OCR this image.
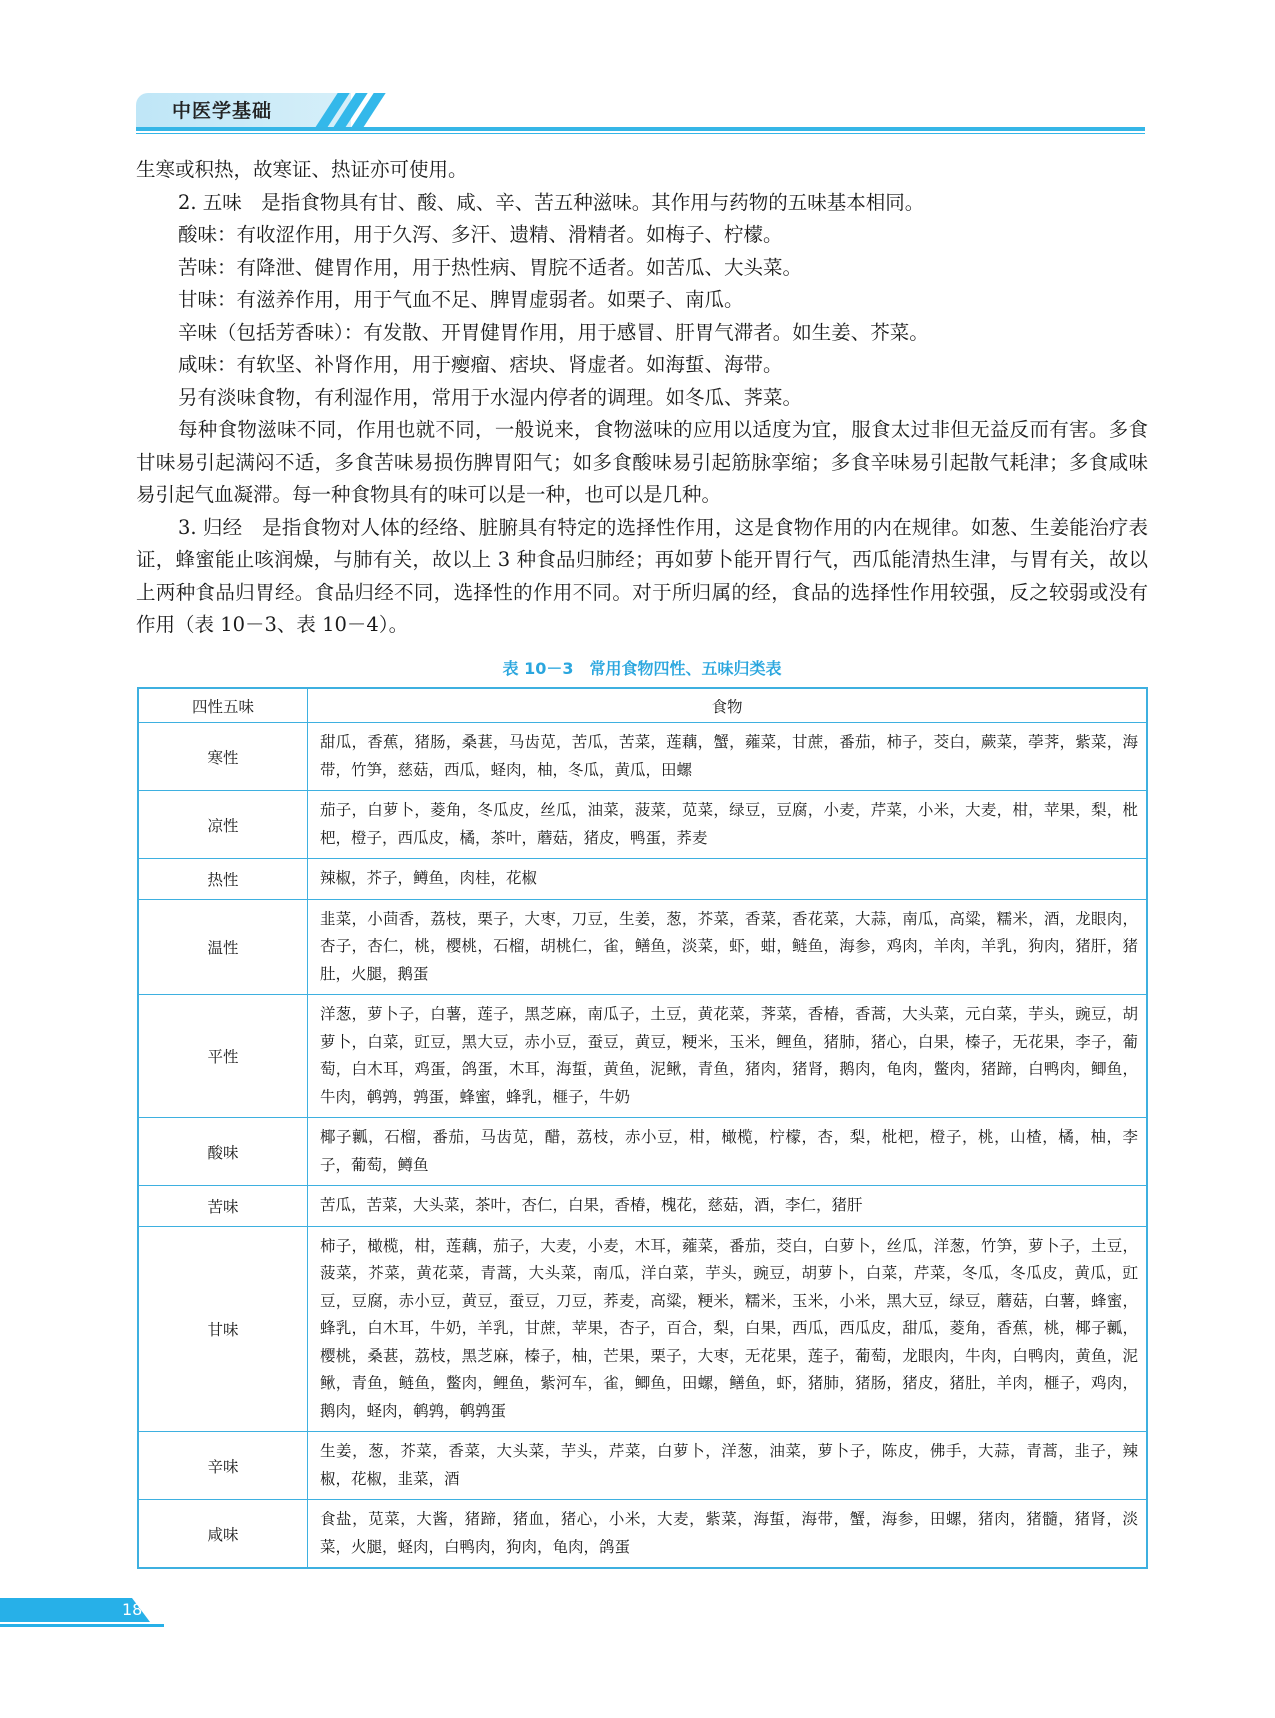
中医学基础

生寒或积热，故寒证、热证亦可使用。

2. 五味　是指食物具有甘、酸、咸、辛、苦五种滋味。其作用与药物的五味基本相同。

酸味：有收涩作用，用于久泻、多汗、遗精、滑精者。如梅子、柠檬。

苦味：有降泄、健胃作用，用于热性病、胃脘不适者。如苦瓜、大头菜。

甘味：有滋养作用，用于气血不足、脾胃虚弱者。如栗子、南瓜。

辛味（包括芳香味）：有发散、开胃健胃作用，用于感冒、肝胃气滞者。如生姜、芥菜。

咸味：有软坚、补肾作用，用于瘿瘤、痞块、肾虚者。如海蜇、海带。

另有淡味食物，有利湿作用，常用于水湿内停者的调理。如冬瓜、荠菜。

每种食物滋味不同，作用也就不同，一般说来，食物滋味的应用以适度为宜，服食太过非但无益反而有害。多食甘味易引起满闷不适，多食苦味易损伤脾胃阳气；如多食酸味易引起筋脉挛缩；多食辛味易引起散气耗津；多食咸味易引起气血凝滞。每一种食物具有的味可以是一种，也可以是几种。

3. 归经　是指食物对人体的经络、脏腑具有特定的选择性作用，这是食物作用的内在规律。如葱、生姜能治疗表证，蜂蜜能止咳润燥，与肺有关，故以上 3 种食品归肺经；再如萝卜能开胃行气，西瓜能清热生津，与胃有关，故以上两种食品归胃经。食品归经不同，选择性的作用不同。对于所归属的经，食品的选择性作用较强，反之较弱或没有作用（表 10－3、表 10－4）。

表 10－3　常用食物四性、五味归类表
四性五味	食物
寒性	甜瓜，香蕉，猪肠，桑葚，马齿苋，苦瓜，苦菜，莲藕，蟹，蕹菜，甘蔗，番茄，柿子，茭白，蕨菜，荸荠，紫菜，海带，竹笋，慈菇，西瓜，蛏肉，柚，冬瓜，黄瓜，田螺
凉性	茄子，白萝卜，菱角，冬瓜皮，丝瓜，油菜，菠菜，苋菜，绿豆，豆腐，小麦，芹菜，小米，大麦，柑，苹果，梨，枇杷，橙子，西瓜皮，橘，茶叶，蘑菇，猪皮，鸭蛋，荞麦
热性	辣椒，芥子，鳟鱼，肉桂，花椒
温性	韭菜，小茴香，荔枝，栗子，大枣，刀豆，生姜，葱，芥菜，香菜，香花菜，大蒜，南瓜，高粱，糯米，酒，龙眼肉，杏子，杏仁，桃，樱桃，石榴，胡桃仁，雀，鳝鱼，淡菜，虾，蚶，鲢鱼，海参，鸡肉，羊肉，羊乳，狗肉，猪肝，猪肚，火腿，鹅蛋
平性	洋葱，萝卜子，白薯，莲子，黑芝麻，南瓜子，土豆，黄花菜，荠菜，香椿，香蒿，大头菜，元白菜，芋头，豌豆，胡萝卜，白菜，豇豆，黑大豆，赤小豆，蚕豆，黄豆，粳米，玉米，鲤鱼，猪肺，猪心，白果，榛子，无花果，李子，葡萄，白木耳，鸡蛋，鸽蛋，木耳，海蜇，黄鱼，泥鳅，青鱼，猪肉，猪肾，鹅肉，龟肉，鳖肉，猪蹄，白鸭肉，鲫鱼，牛肉，鹌鹑，鹑蛋，蜂蜜，蜂乳，榧子，牛奶
酸味	椰子瓤，石榴，番茄，马齿苋，醋，荔枝，赤小豆，柑，橄榄，柠檬，杏，梨，枇杷，橙子，桃，山楂，橘，柚，李子，葡萄，鳟鱼
苦味	苦瓜，苦菜，大头菜，茶叶，杏仁，白果，香椿，槐花，慈菇，酒，李仁，猪肝
甘味	柿子，橄榄，柑，莲藕，茄子，大麦，小麦，木耳，蕹菜，番茄，茭白，白萝卜，丝瓜，洋葱，竹笋，萝卜子，土豆，菠菜，芥菜，黄花菜，青蒿，大头菜，南瓜，洋白菜，芋头，豌豆，胡萝卜，白菜，芹菜，冬瓜，冬瓜皮，黄瓜，豇豆，豆腐，赤小豆，黄豆，蚕豆，刀豆，荞麦，高粱，粳米，糯米，玉米，小米，黑大豆，绿豆，蘑菇，白薯，蜂蜜，蜂乳，白木耳，牛奶，羊乳，甘蔗，苹果，杏子，百合，梨，白果，西瓜，西瓜皮，甜瓜，菱角，香蕉，桃，椰子瓤，樱桃，桑葚，荔枝，黑芝麻，榛子，柚，芒果，栗子，大枣，无花果，莲子，葡萄，龙眼肉，牛肉，白鸭肉，黄鱼，泥鳅，青鱼，鲢鱼，鳖肉，鲤鱼，紫河车，雀，鲫鱼，田螺，鳝鱼，虾，猪肺，猪肠，猪皮，猪肚，羊肉，榧子，鸡肉，鹅肉，蛏肉，鹌鹑，鹌鹑蛋
辛味	生姜，葱，芥菜，香菜，大头菜，芋头，芹菜，白萝卜，洋葱，油菜，萝卜子，陈皮，佛手，大蒜，青蒿，韭子，辣椒，花椒，韭菜，酒
咸味	食盐，苋菜，大酱，猪蹄，猪血，猪心，小米，大麦，紫菜，海蜇，海带，蟹，海参，田螺，猪肉，猪髓，猪肾，淡菜，火腿，蛏肉，白鸭肉，狗肉，龟肉，鸽蛋
180
